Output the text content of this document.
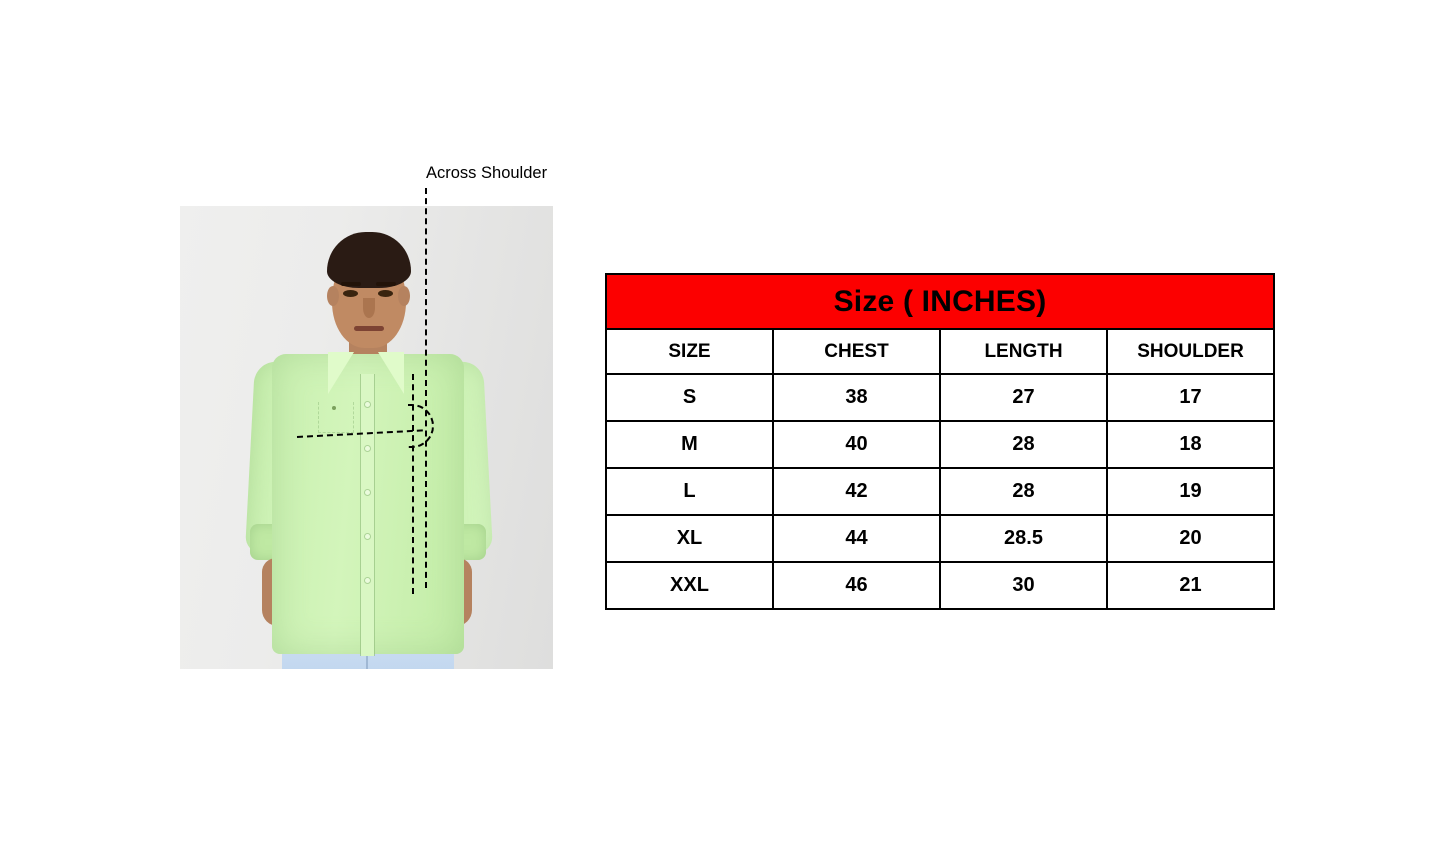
Across Shoulder
Size ( INCHES)			
SIZE	CHEST	LENGTH	SHOULDER
S	38	27	17
M	40	28	18
L	42	28	19
XL	44	28.5	20
XXL	46	30	21
